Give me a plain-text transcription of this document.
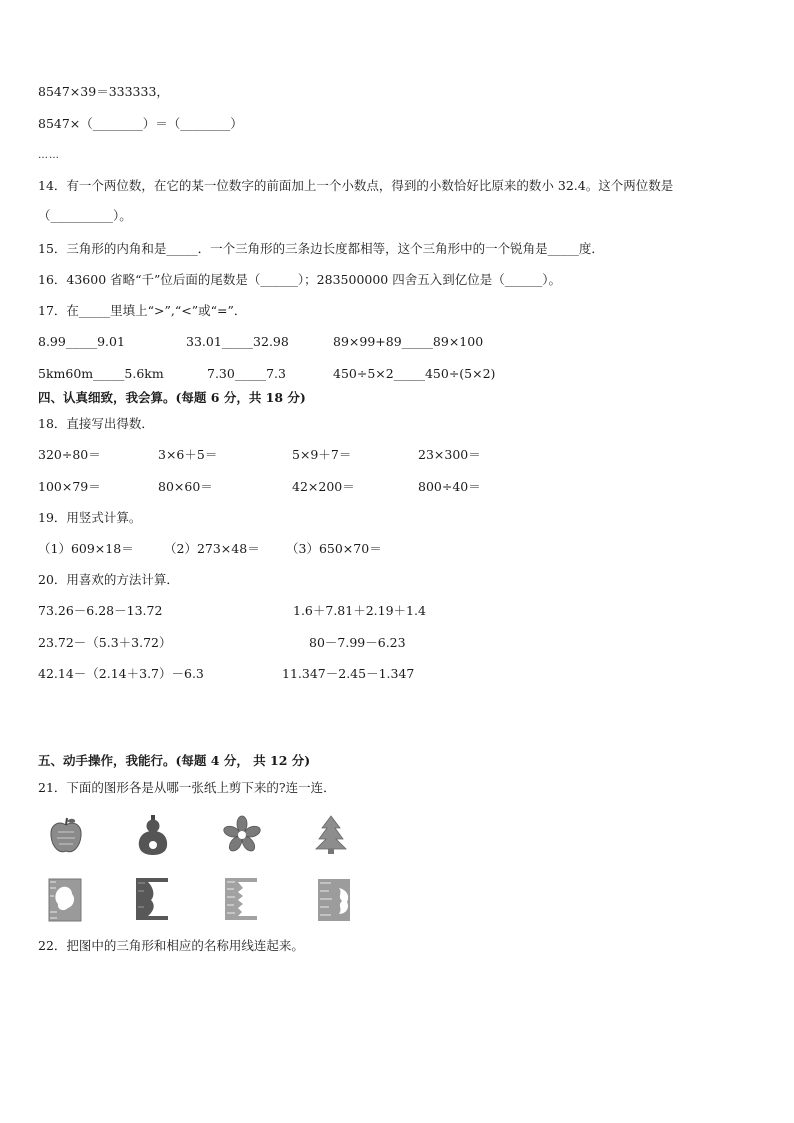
8547×39＝333333，
8547×（________）＝（________）
……
14．有一个两位数，在它的某一位数字的前面加上一个小数点，得到的小数恰好比原来的数小 32.4。这个两位数是
（__________）。
15．三角形的内角和是_____．一个三角形的三条边长度都相等，这个三角形中的一个锐角是_____度．
16．43600 省略“千”位后面的尾数是（______）；283500000 四舍五入到亿位是（______）。
17．在_____里填上“>”,“<”或“=”．
8.99_____9.01	33.01_____32.98	89×99+89_____89×100
5km60m_____5.6km	7.30_____7.3	450÷5×2_____450÷(5×2)
四、认真细致，我会算。(每题 6 分，共 18 分)
18．直接写出得数．
320÷80＝	3×6＋5＝	5×9＋7＝	23×300＝
100×79＝	80×60＝	42×200＝	800÷40＝
19．用竖式计算。
（1）609×18＝ （2）273×48＝ （3）650×70＝
20．用喜欢的方法计算．
73.26－6.28－13.72	1.6＋7.81＋2.19＋1.4
23.72－（5.3＋3.72）	80－7.99－6.23
42.14－（2.14＋3.7）－6.3	11.347－2.45－1.347
五、动手操作，我能行。(每题 4 分， 共 12 分)
21．下面的图形各是从哪一张纸上剪下来的?连一连．
22．把图中的三角形和相应的名称用线连起来。
